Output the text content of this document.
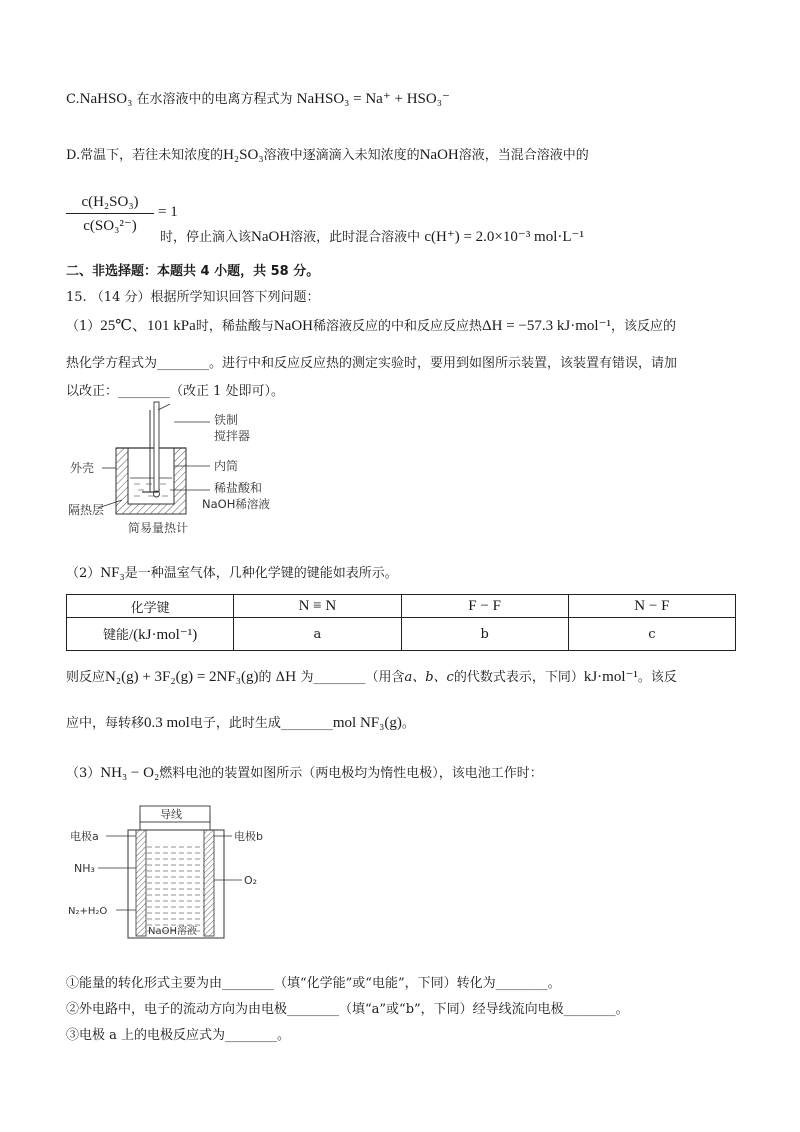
C.NaHSO₃ 在水溶液中的电离方程式为 NaHSO₃ = Na⁺ + HSO₃⁻
D.常温下，若往未知浓度的H₂SO₃溶液中逐滴滴入未知浓度的NaOH溶液，当混合溶液中的
$\frac{\text{c(H₂SO₃)}}{\text{c(SO₃²⁻)}} = 1$
时，停止滴入该NaOH溶液，此时混合溶液中 c(H⁺) = 2.0×10⁻³ mol·L⁻¹
二、非选择题：本题共 4 小题，共 58 分。
15. （14 分）根据所学知识回答下列问题：
（1）25℃、101 kPa时，稀盐酸与NaOH稀溶液反应的中和反应反应热ΔH = −57.3 kJ·mol⁻¹，该反应的
热化学方程式为________。进行中和反应反应热的测定实验时，要用到如图所示装置，该装置有错误，请加
以改正：________（改正 1 处即可）。
铁制
搅拌器
外壳	内筒
稀盐酸和
NaOH稀溶液
隔热层
简易量热计
（2）NF₃是一种温室气体，几种化学键的键能如表所示。
化学键	N ≡ N	F − F	N − F
键能/(kJ·mol⁻¹)	a	b	c
则反应N₂(g) + 3F₂(g) = 2NF₃(g)的 ΔH 为________（用含a、b、c的代数式表示，下同）kJ·mol⁻¹。该反
应中，每转移0.3 mol电子，此时生成________mol NF₃(g)。
（3）NH₃ − O₂燃料电池的装置如图所示（两电极均为惰性电极），该电池工作时：
导线
电极a	电极b
NH₃
O₂
N₂+H₂O
NaOH溶液
①能量的转化形式主要为由________（填“化学能”或“电能”，下同）转化为________。
②外电路中，电子的流动方向为由电极________（填“a”或“b”，下同）经导线流向电极________。
③电极 a 上的电极反应式为________。
